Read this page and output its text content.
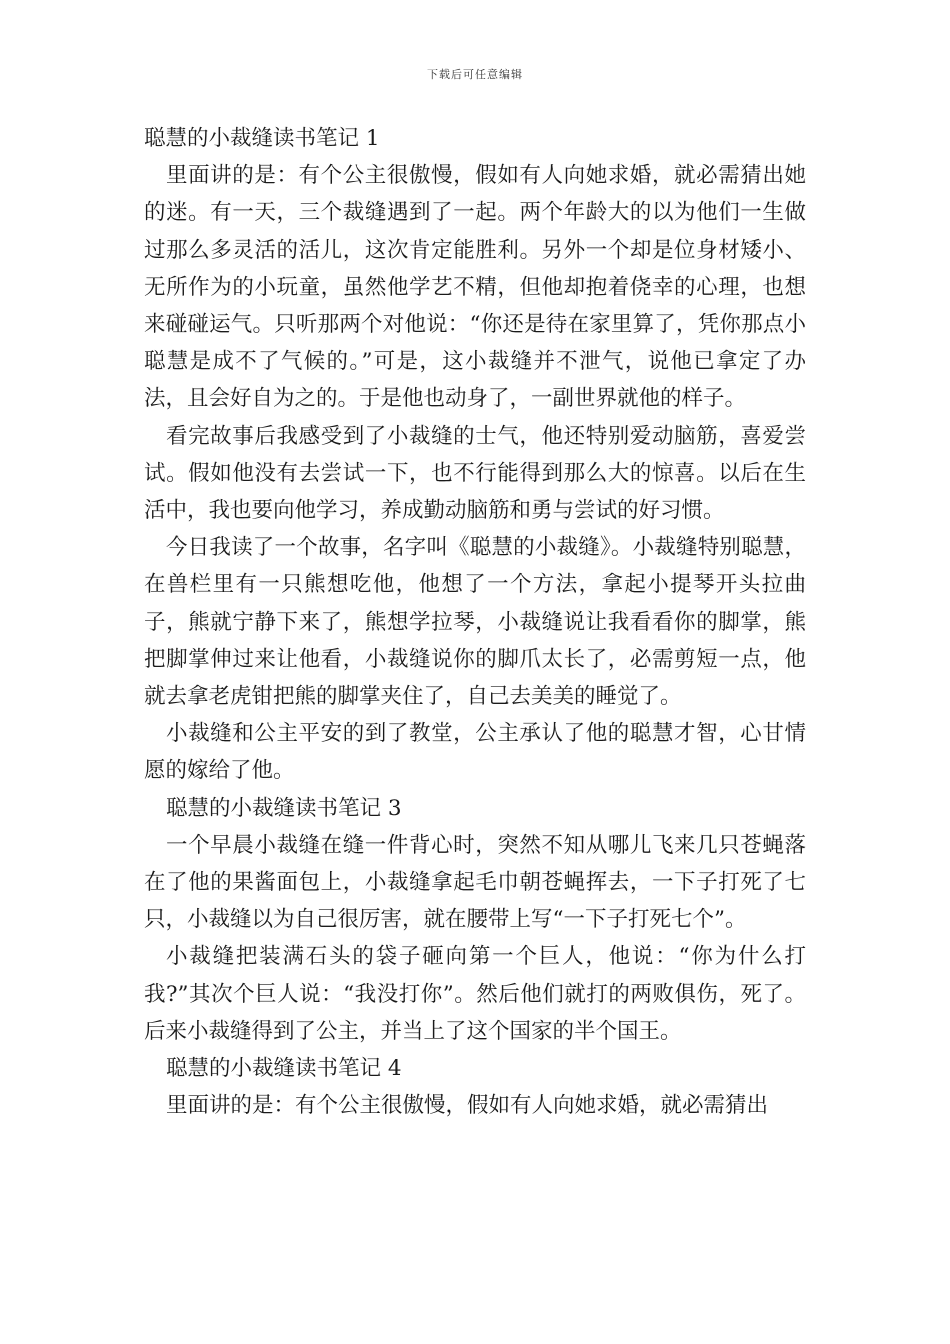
下载后可任意编辑
聪慧的小裁缝读书笔记 1
里面讲的是：有个公主很傲慢，假如有人向她求婚，就必需猜出她的迷。有一天，三个裁缝遇到了一起。两个年龄大的以为他们一生做过那么多灵活的活儿，这次肯定能胜利。另外一个却是位身材矮小、无所作为的小玩童，虽然他学艺不精，但他却抱着侥幸的心理，也想来碰碰运气。只听那两个对他说：“你还是待在家里算了，凭你那点小聪慧是成不了气候的。”可是，这小裁缝并不泄气，说他已拿定了办法，且会好自为之的。于是他也动身了，一副世界就他的样子。
看完故事后我感受到了小裁缝的士气，他还特别爱动脑筋，喜爱尝试。假如他没有去尝试一下，也不行能得到那么大的惊喜。以后在生活中，我也要向他学习，养成勤动脑筋和勇与尝试的好习惯。
今日我读了一个故事，名字叫《聪慧的小裁缝》。小裁缝特别聪慧，在兽栏里有一只熊想吃他，他想了一个方法，拿起小提琴开头拉曲子，熊就宁静下来了，熊想学拉琴，小裁缝说让我看看你的脚掌，熊把脚掌伸过来让他看，小裁缝说你的脚爪太长了，必需剪短一点，他就去拿老虎钳把熊的脚掌夹住了，自己去美美的睡觉了。
小裁缝和公主平安的到了教堂，公主承认了他的聪慧才智，心甘情愿的嫁给了他。
聪慧的小裁缝读书笔记 3
一个早晨小裁缝在缝一件背心时，突然不知从哪儿飞来几只苍蝇落在了他的果酱面包上，小裁缝拿起毛巾朝苍蝇挥去，一下子打死了七只，小裁缝以为自己很厉害，就在腰带上写“一下子打死七个”。
小裁缝把装满石头的袋子砸向第一个巨人，他说：“你为什么打我?”其次个巨人说：“我没打你”。然后他们就打的两败俱伤，死了。后来小裁缝得到了公主，并当上了这个国家的半个国王。
聪慧的小裁缝读书笔记 4
里面讲的是：有个公主很傲慢，假如有人向她求婚，就必需猜出
